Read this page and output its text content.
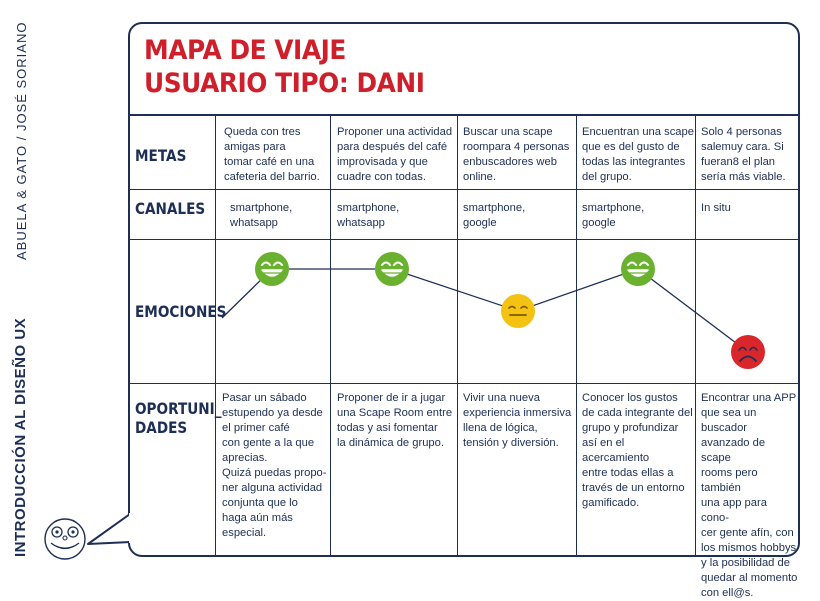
ABUELA & GATO / JOSÉ SORIANO
INTRODUCCIÓN AL DISEÑO UX
MAPA DE VIAJE
USUARIO TIPO: DANI
METAS
CANALES
EMOCIONES
OPORTUNI_
DADES
Queda con tres
amigas para
tomar café en una
cafeteria del barrio.
Proponer una actividad
para después del café
improvisada y que
cuadre con todas.
Buscar una scape
roompara 4 personas
enbuscadores web
online.
Encuentran una scape
que es del gusto de
todas las integrantes
del grupo.
Solo 4 personas
salemuy cara. Si
fueran8 el plan
sería más viable.
smartphone,
whatsapp
smartphone,
whatsapp
smartphone,
google
smartphone,
google
In situ
Pasar un sábado
estupendo ya desde
el primer café
con gente a la que
aprecias.
Quizá puedas propo-
ner alguna actividad
conjunta que lo
haga aún más
especial.
Proponer de ir a jugar
una Scape Room entre
todas y asi fomentar
la dinámica de grupo.
Vivir una nueva
experiencia inmersiva
llena de lógica,
tensión y diversión.
Conocer los gustos
de cada integrante del
grupo y profundizar
así en el acercamiento
entre todas ellas a
través de un entorno
gamificado.
Encontrar una APP
que sea un buscador
avanzado de scape
rooms pero también
una app para cono-
cer gente afín, con
los mismos hobbys
y la posibilidad de
quedar al momento
con ell@s.
